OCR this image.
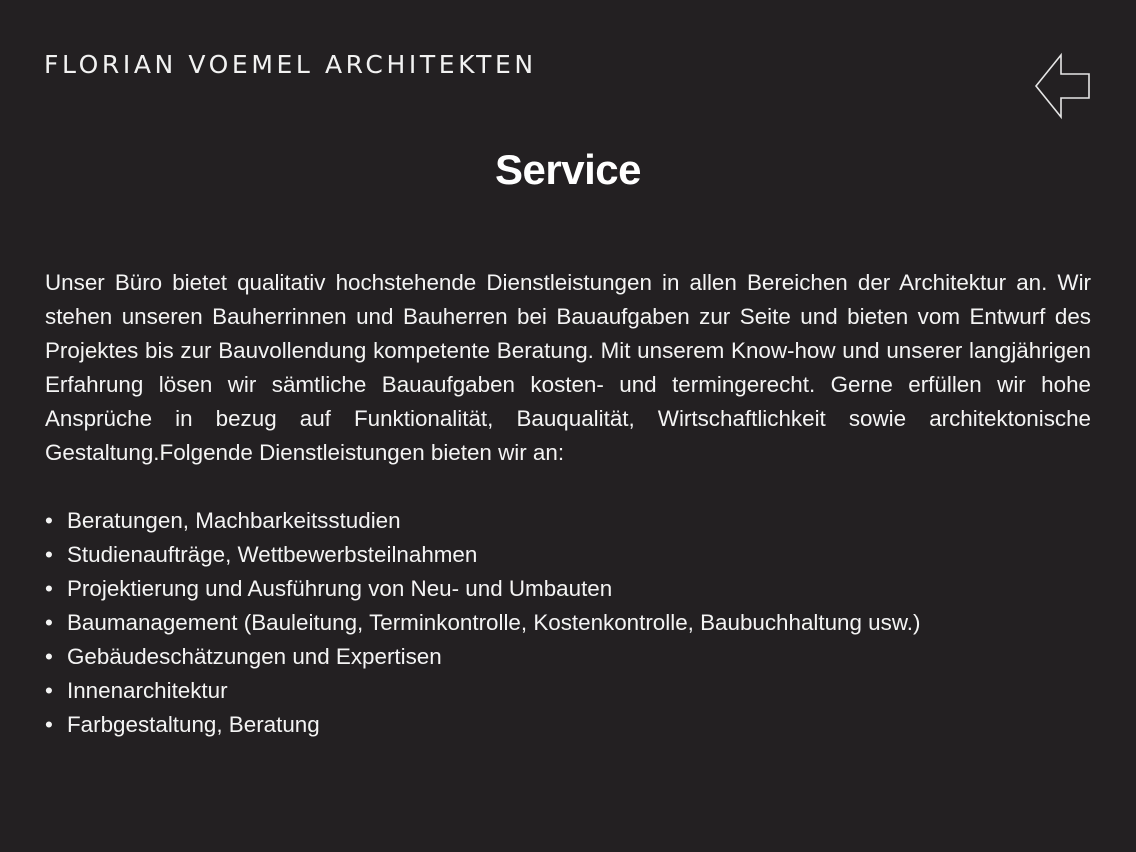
FLORIAN VOEMEL ARCHITEKTEN
Service

Unser Büro bietet qualitativ hochstehende Dienstleistungen in allen Bereichen der Architektur an. Wir stehen unseren Bauherrinnen und Bauherren bei Bauaufgaben zur Seite und bieten vom Entwurf des Projektes bis zur Bauvollendung kompetente Beratung. Mit unserem Know-how und unserer langjährigen Erfahrung lösen wir sämtliche Bauaufgaben kosten- und termingerecht. Gerne erfüllen wir hohe Ansprüche in bezug auf Funktionalität, Bauqualität, Wirtschaftlichkeit sowie architektonische Gestaltung.Folgende Dienstleistungen bieten wir an:

• Beratungen, Machbarkeitsstudien
• Studienaufträge, Wettbewerbsteilnahmen
• Projektierung und Ausführung von Neu- und Umbauten
• Baumanagement (Bauleitung, Terminkontrolle, Kostenkontrolle, Baubuchhaltung usw.)
• Gebäudeschätzungen und Expertisen
• Innenarchitektur
• Farbgestaltung, Beratung
